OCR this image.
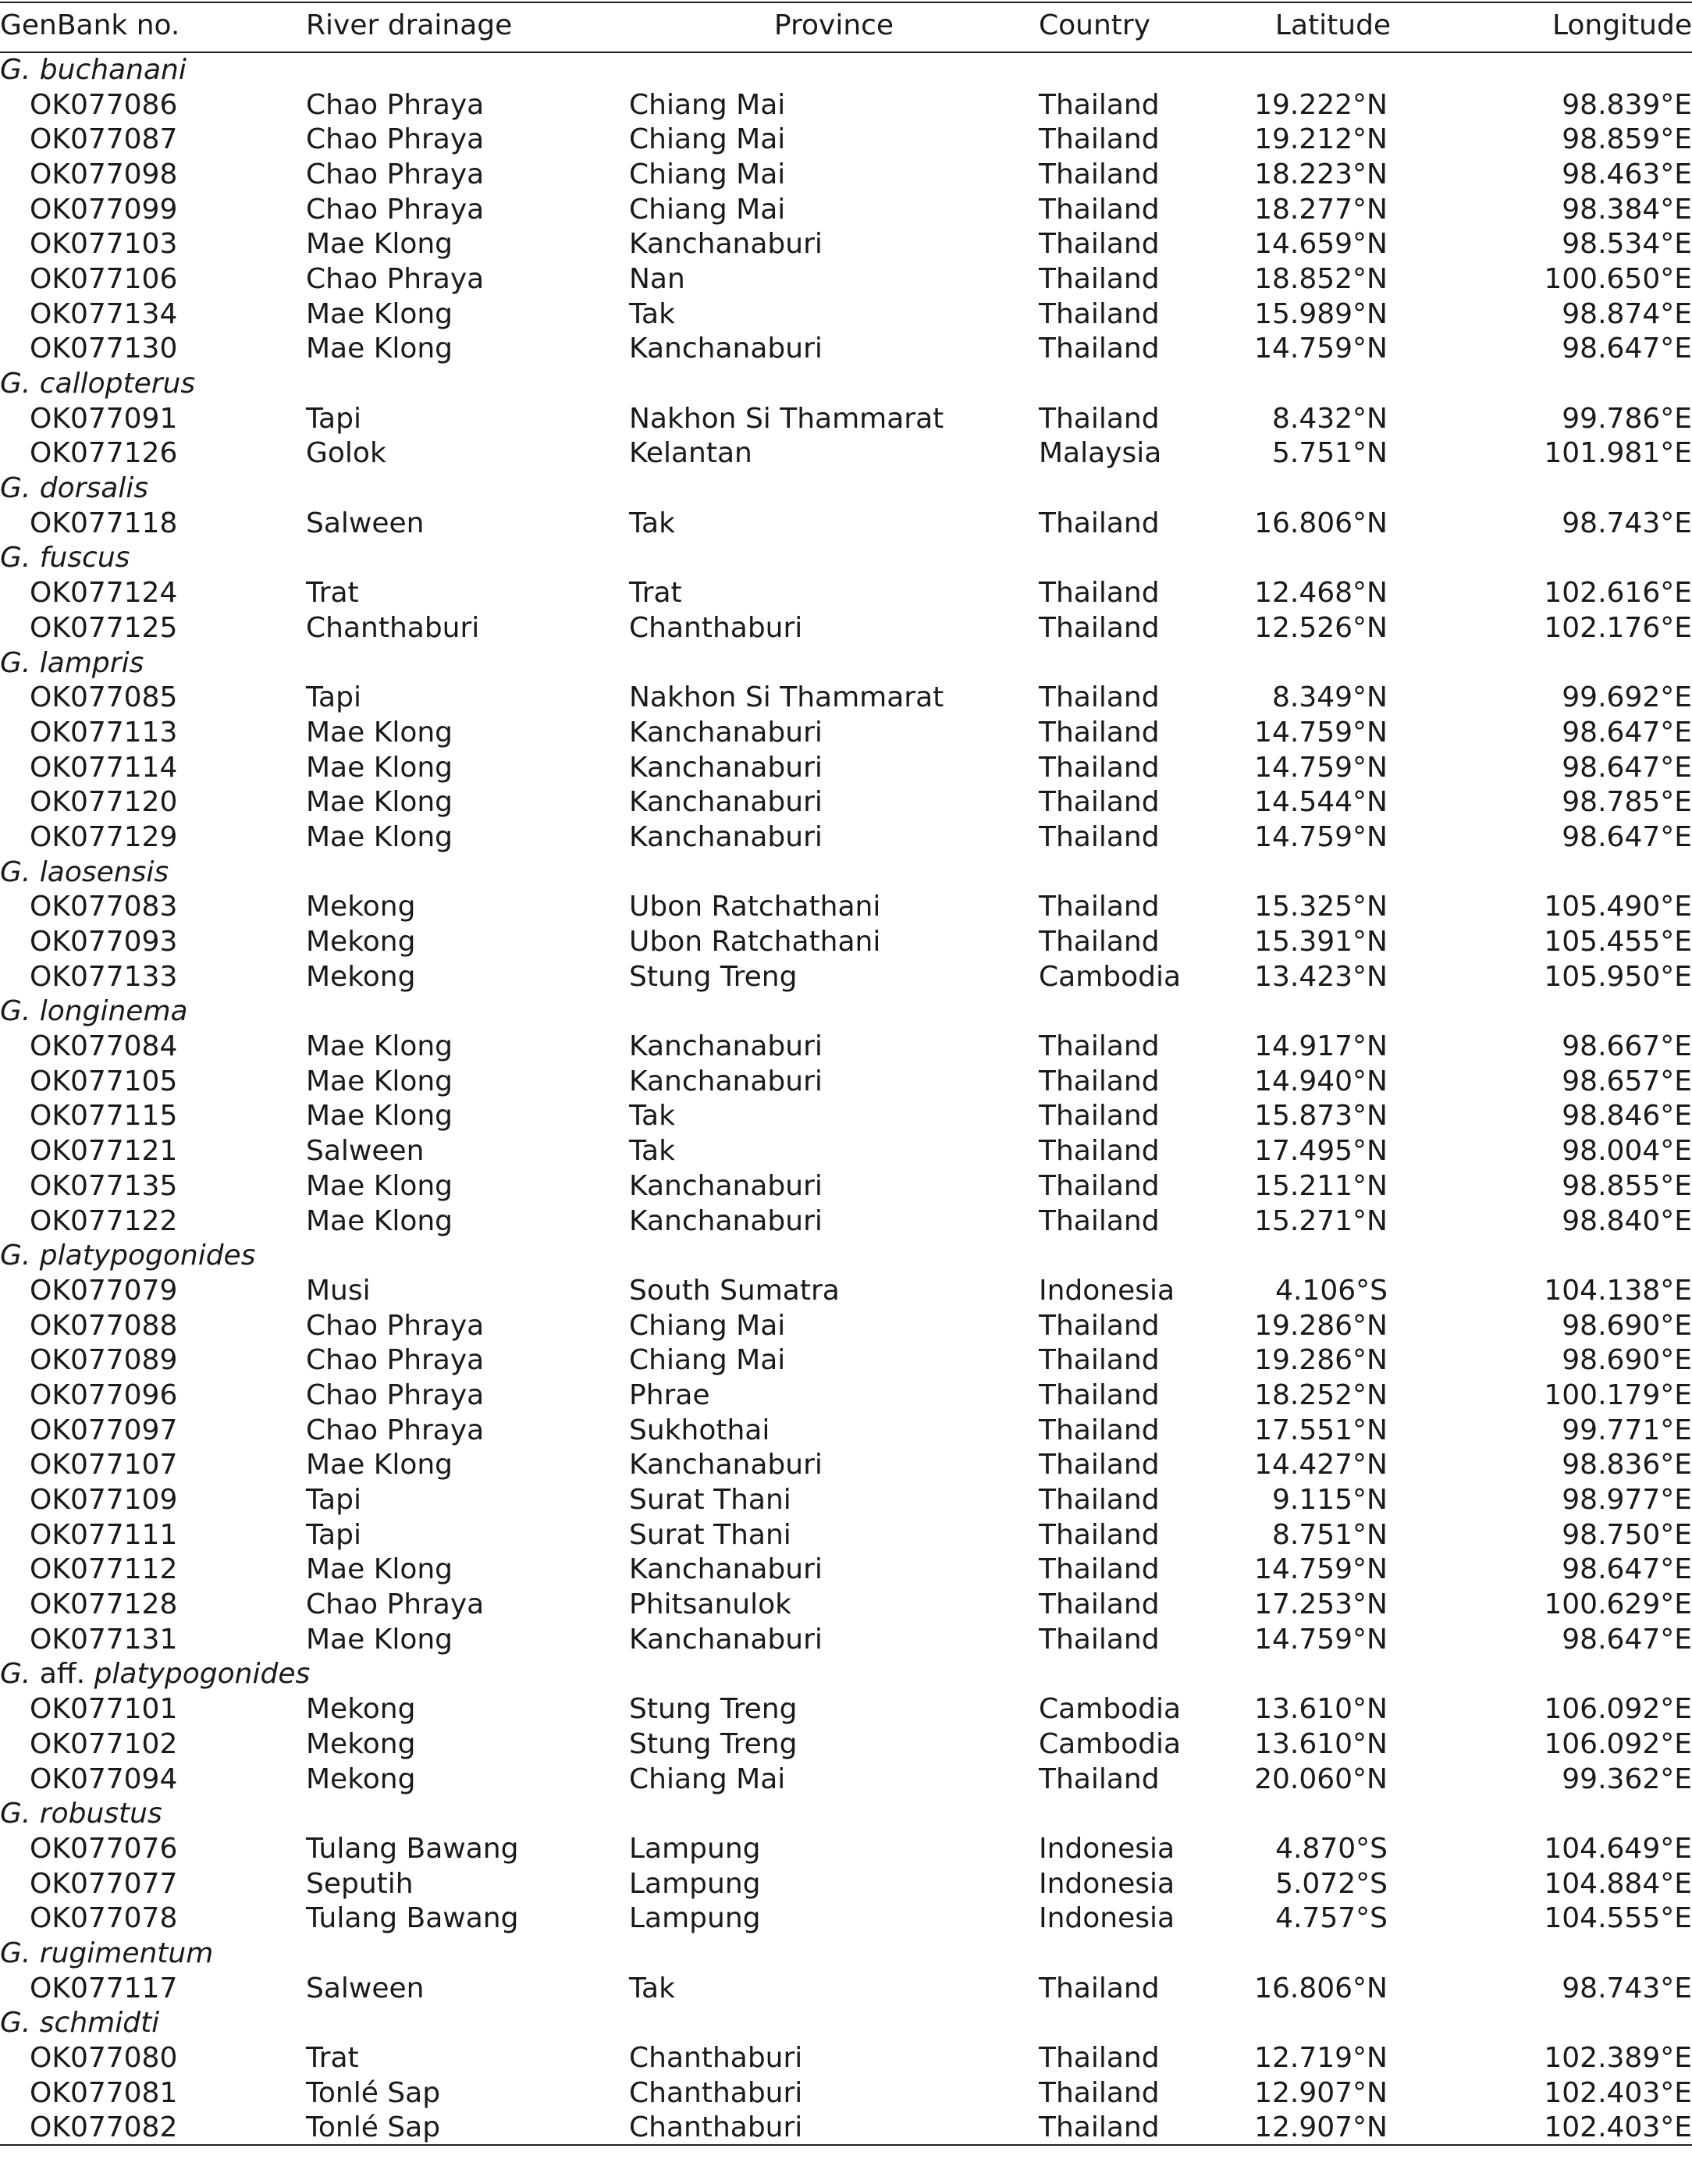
GenBank no.	River drainage	Province	Country	Latitude	Longitude
G. buchanani					
OK077086	Chao Phraya	Chiang Mai	Thailand	19.222°N	98.839°E
OK077087	Chao Phraya	Chiang Mai	Thailand	19.212°N	98.859°E
OK077098	Chao Phraya	Chiang Mai	Thailand	18.223°N	98.463°E
OK077099	Chao Phraya	Chiang Mai	Thailand	18.277°N	98.384°E
OK077103	Mae Klong	Kanchanaburi	Thailand	14.659°N	98.534°E
OK077106	Chao Phraya	Nan	Thailand	18.852°N	100.650°E
OK077134	Mae Klong	Tak	Thailand	15.989°N	98.874°E
OK077130	Mae Klong	Kanchanaburi	Thailand	14.759°N	98.647°E
G. callopterus					
OK077091	Tapi	Nakhon Si Thammarat	Thailand	8.432°N	99.786°E
OK077126	Golok	Kelantan	Malaysia	5.751°N	101.981°E
G. dorsalis					
OK077118	Salween	Tak	Thailand	16.806°N	98.743°E
G. fuscus					
OK077124	Trat	Trat	Thailand	12.468°N	102.616°E
OK077125	Chanthaburi	Chanthaburi	Thailand	12.526°N	102.176°E
G. lampris					
OK077085	Tapi	Nakhon Si Thammarat	Thailand	8.349°N	99.692°E
OK077113	Mae Klong	Kanchanaburi	Thailand	14.759°N	98.647°E
OK077114	Mae Klong	Kanchanaburi	Thailand	14.759°N	98.647°E
OK077120	Mae Klong	Kanchanaburi	Thailand	14.544°N	98.785°E
OK077129	Mae Klong	Kanchanaburi	Thailand	14.759°N	98.647°E
G. laosensis					
OK077083	Mekong	Ubon Ratchathani	Thailand	15.325°N	105.490°E
OK077093	Mekong	Ubon Ratchathani	Thailand	15.391°N	105.455°E
OK077133	Mekong	Stung Treng	Cambodia	13.423°N	105.950°E
G. longinema					
OK077084	Mae Klong	Kanchanaburi	Thailand	14.917°N	98.667°E
OK077105	Mae Klong	Kanchanaburi	Thailand	14.940°N	98.657°E
OK077115	Mae Klong	Tak	Thailand	15.873°N	98.846°E
OK077121	Salween	Tak	Thailand	17.495°N	98.004°E
OK077135	Mae Klong	Kanchanaburi	Thailand	15.211°N	98.855°E
OK077122	Mae Klong	Kanchanaburi	Thailand	15.271°N	98.840°E
G. platypogonides					
OK077079	Musi	South Sumatra	Indonesia	4.106°S	104.138°E
OK077088	Chao Phraya	Chiang Mai	Thailand	19.286°N	98.690°E
OK077089	Chao Phraya	Chiang Mai	Thailand	19.286°N	98.690°E
OK077096	Chao Phraya	Phrae	Thailand	18.252°N	100.179°E
OK077097	Chao Phraya	Sukhothai	Thailand	17.551°N	99.771°E
OK077107	Mae Klong	Kanchanaburi	Thailand	14.427°N	98.836°E
OK077109	Tapi	Surat Thani	Thailand	9.115°N	98.977°E
OK077111	Tapi	Surat Thani	Thailand	8.751°N	98.750°E
OK077112	Mae Klong	Kanchanaburi	Thailand	14.759°N	98.647°E
OK077128	Chao Phraya	Phitsanulok	Thailand	17.253°N	100.629°E
OK077131	Mae Klong	Kanchanaburi	Thailand	14.759°N	98.647°E
G. aff. platypogonides					
OK077101	Mekong	Stung Treng	Cambodia	13.610°N	106.092°E
OK077102	Mekong	Stung Treng	Cambodia	13.610°N	106.092°E
OK077094	Mekong	Chiang Mai	Thailand	20.060°N	99.362°E
G. robustus					
OK077076	Tulang Bawang	Lampung	Indonesia	4.870°S	104.649°E
OK077077	Seputih	Lampung	Indonesia	5.072°S	104.884°E
OK077078	Tulang Bawang	Lampung	Indonesia	4.757°S	104.555°E
G. rugimentum					
OK077117	Salween	Tak	Thailand	16.806°N	98.743°E
G. schmidti					
OK077080	Trat	Chanthaburi	Thailand	12.719°N	102.389°E
OK077081	Tonlé Sap	Chanthaburi	Thailand	12.907°N	102.403°E
OK077082	Tonlé Sap	Chanthaburi	Thailand	12.907°N	102.403°E
